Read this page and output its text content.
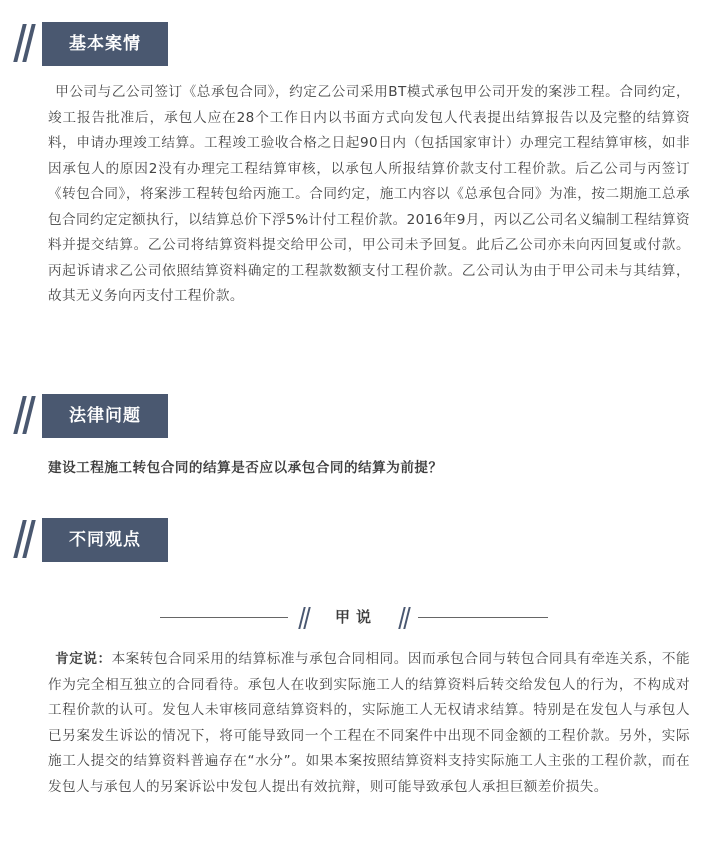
基本案情

甲公司与乙公司签订《总承包合同》，约定乙公司采用BT模式承包甲公司开发的案涉工程。合同约定，竣工报告批准后，承包人应在28个工作日内以书面方式向发包人代表提出结算报告以及完整的结算资料，申请办理竣工结算。工程竣工验收合格之日起90日内（包括国家审计）办理完工程结算审核，如非因承包人的原因2没有办理完工程结算审核，以承包人所报结算价款支付工程价款。后乙公司与丙签订《转包合同》，将案涉工程转包给丙施工。合同约定，施工内容以《总承包合同》为准，按二期施工总承包合同约定定额执行，以结算总价下浮5%计付工程价款。2016年9月，丙以乙公司名义编制工程结算资料并提交结算。乙公司将结算资料提交给甲公司，甲公司未予回复。此后乙公司亦未向丙回复或付款。丙起诉请求乙公司依照结算资料确定的工程款数额支付工程价款。乙公司认为由于甲公司未与其结算，故其无义务向丙支付工程价款。

法律问题
建设工程施工转包合同的结算是否应以承包合同的结算为前提？
不同观点
甲说

肯定说：本案转包合同采用的结算标准与承包合同相同。因而承包合同与转包合同具有牵连关系，不能作为完全相互独立的合同看待。承包人在收到实际施工人的结算资料后转交给发包人的行为，不构成对工程价款的认可。发包人未审核同意结算资料的，实际施工人无权请求结算。特别是在发包人与承包人已另案发生诉讼的情况下，将可能导致同一个工程在不同案件中出现不同金额的工程价款。另外，实际施工人提交的结算资料普遍存在“水分”。如果本案按照结算资料支持实际施工人主张的工程价款，而在发包人与承包人的另案诉讼中发包人提出有效抗辩，则可能导致承包人承担巨额差价损失。
